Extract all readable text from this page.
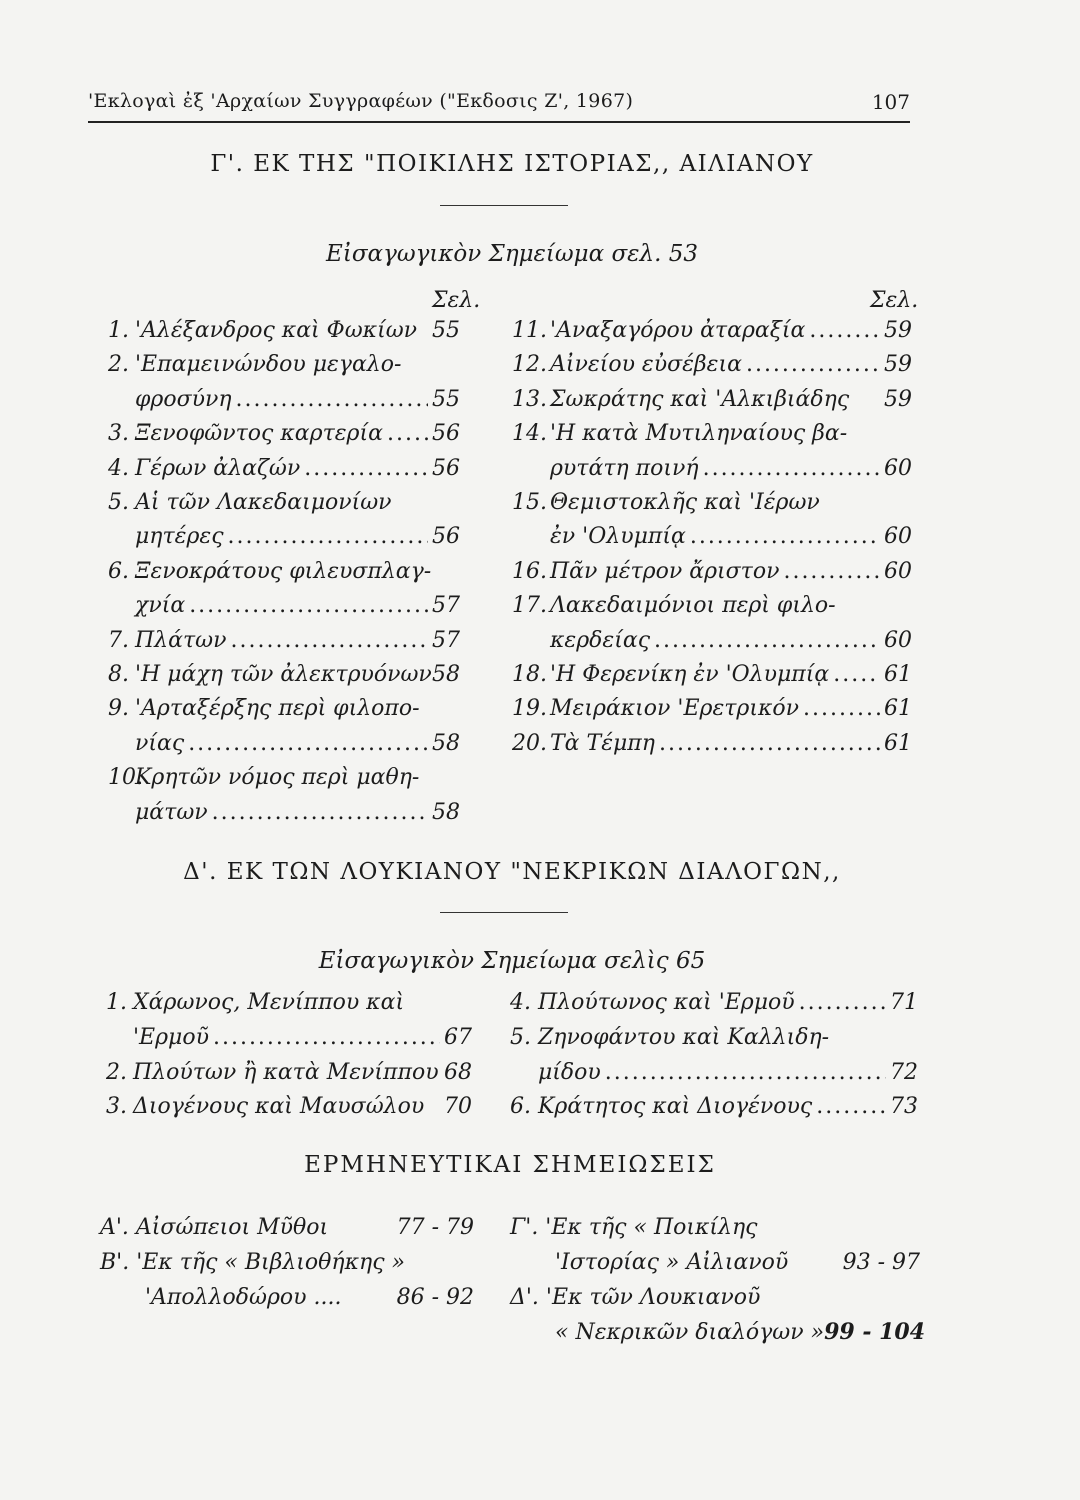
'Εκλογαὶ ἐξ 'Αρχαίων Συγγραφέων ("Εκδοσις Ζ', 1967)	107
Γ'. ΕΚ ΤΗΣ "ΠΟΙΚΙΛΗΣ ΙΣΤΟΡΙΑΣ,, ΑΙΛΙΑΝΟΥ
Εἰσαγωγικὸν Σημείωμα σελ. 53
Σελ.	Σελ.
1. 'Αλέξανδρος καὶ Φωκίων 55
2. 'Επαμεινώνδου μεγαλο-
φροσύνη .....	55
3. Ξενοφῶντος καρτερία ..... 56
4. Γέρων ἀλαζών .....	56
5. Αἱ τῶν Λακεδαιμονίων
μητέρες .....	56
6. Ξενοκράτους φιλευσπλαγ-
χνία .....	57
7. Πλάτων .....	57
8. 'Η μάχη τῶν ἀλεκτρυόνων 58
9. 'Αρταξέρξης περὶ φιλοπο-
νίας .....	58
10.
Κρητῶν νόμος περὶ μαθη-
μάτων .....	58
11. 'Αναξαγόρου ἀταραξία .....	59
12. Αἰνείου εὐσέβεια .....	59
13. Σωκράτης καὶ 'Αλκιβιάδης 59
14. 'Η κατὰ Μυτιληναίους βα-
ρυτάτη ποινή .....	60
15. Θεμιστοκλῆς καὶ 'Ιέρων
ἐν 'Ολυμπίᾳ .....	60
16. Πᾶν μέτρον ἄριστον .....	60
17. Λακεδαιμόνιοι περὶ φιλο-
κερδείας .....	60
18. 'Η Φερενίκη ἐν 'Ολυμπίᾳ ..... 61
19. Μειράκιον 'Ερετρικόν .....	61
20. Τὰ Τέμπη .....	61
Δ'. ΕΚ ΤΩΝ ΛΟΥΚΙΑΝΟΥ "ΝΕΚΡΙΚΩΝ ΔΙΑΛΟΓΩΝ,,
Εἰσαγωγικὸν Σημείωμα σελὶς 65
1. Χάρωνος, Μενίππου καὶ
'Ερμοῦ .....	67
2. Πλούτων ἢ κατὰ Μενίππου 68
3. Διογένους καὶ Μαυσώλου 70
4. Πλούτωνος καὶ 'Ερμοῦ .....	71
5. Ζηνοφάντου καὶ Καλλιδη-
μίδου .....	72
6. Κράτητος καὶ Διογένους .....	73
ΕΡΜΗΝΕΥΤΙΚΑΙ ΣΗΜΕΙΩΣΕΙΣ
Α'. Αἰσώπειοι Μῦθοι	77 - 79
Β'. 'Εκ τῆς « Βιβλιοθήκης »
'Απολλοδώρου ....	86 - 92
Γ'. 'Εκ τῆς « Ποικίλης
'Ιστορίας » Αἰλιανοῦ 93 - 97
Δ'. 'Εκ τῶν Λουκιανοῦ
« Νεκρικῶν διαλόγων » 99 - 104
